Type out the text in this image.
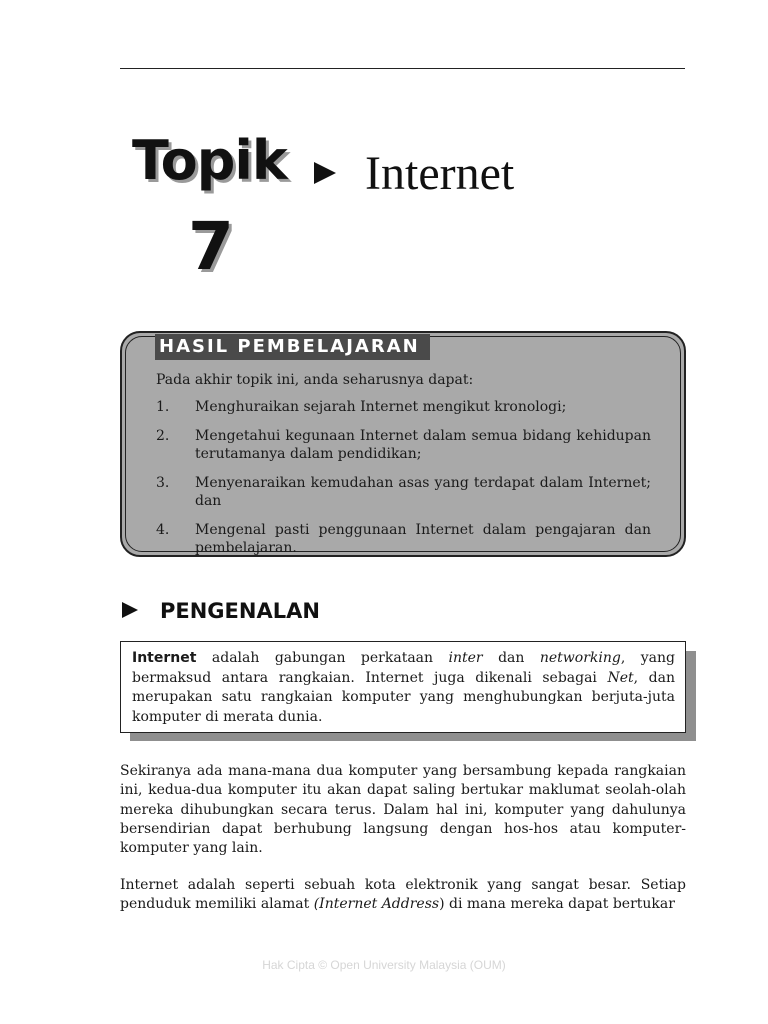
Topik
7
Internet
HASIL PEMBELAJARAN
Pada akhir topik ini, anda seharusnya dapat:
1. Menghuraikan sejarah Internet mengikut kronologi;
2. Mengetahui kegunaan Internet dalam semua bidang kehidupan terutamanya dalam pendidikan;
3. Menyenaraikan kemudahan asas yang terdapat dalam Internet; dan
4. Mengenal pasti penggunaan Internet dalam pengajaran dan pembelajaran.
PENGENALAN
Internet adalah gabungan perkataan inter dan networking, yang bermaksud antara rangkaian. Internet juga dikenali sebagai Net, dan merupakan satu rangkaian komputer yang menghubungkan berjuta-juta komputer di merata dunia.

Sekiranya ada mana-mana dua komputer yang bersambung kepada rangkaian ini, kedua-dua komputer itu akan dapat saling bertukar maklumat seolah-olah mereka dihubungkan secara terus. Dalam hal ini, komputer yang dahulunya bersendirian dapat berhubung langsung dengan hos-hos atau komputer-komputer yang lain.

Internet adalah seperti sebuah kota elektronik yang sangat besar. Setiap penduduk memiliki alamat (Internet Address) di mana mereka dapat bertukar

Hak Cipta © Open University Malaysia (OUM)
